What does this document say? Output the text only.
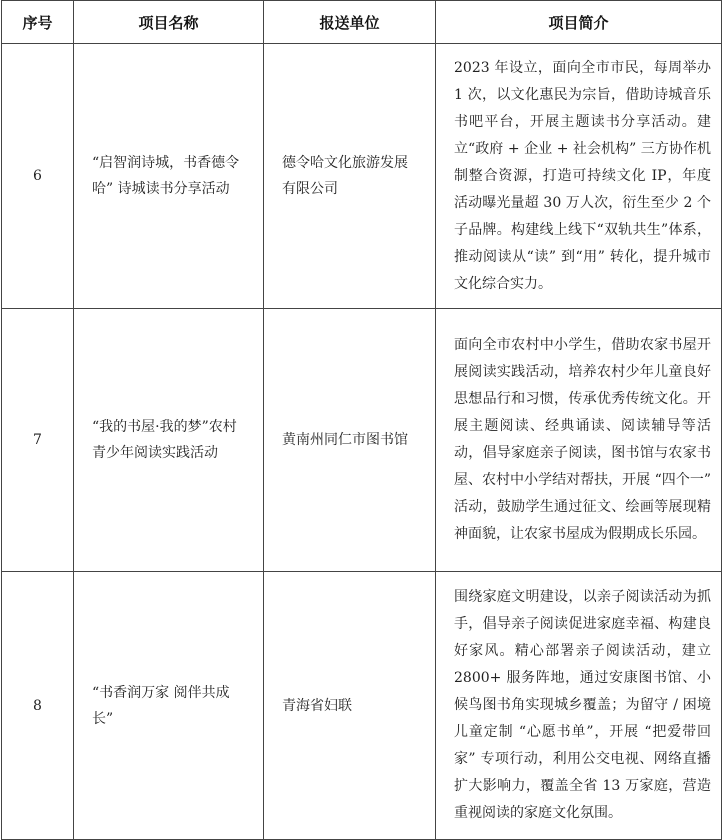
序号	项目名称	报送单位	项目简介
6	“启智润诗城，书香德令哈” 诗城读书分享活动	德令哈文化旅游发展有限公司	2023 年设立，面向全市市民，每周举办 1 次，以文化惠民为宗旨，借助诗城音乐书吧平台，开展主题读书分享活动。建立“政府 + 企业 + 社会机构” 三方协作机制整合资源，打造可持续文化 IP，年度活动曝光量超 30 万人次，衍生至少 2 个子品牌。构建线上线下“双轨共生”体系，推动阅读从“读” 到“用” 转化，提升城市文化综合实力。
7	“我的书屋·我的梦”农村青少年阅读实践活动	黄南州同仁市图书馆	面向全市农村中小学生，借助农家书屋开展阅读实践活动，培养农村少年儿童良好思想品行和习惯，传承优秀传统文化。开展主题阅读、经典诵读、阅读辅导等活动，倡导家庭亲子阅读，图书馆与农家书屋、农村中小学结对帮扶，开展 “四个一” 活动，鼓励学生通过征文、绘画等展现精神面貌，让农家书屋成为假期成长乐园。
8	“书香润万家 阅伴共成长”	青海省妇联	围绕家庭文明建设，以亲子阅读活动为抓手，倡导亲子阅读促进家庭幸福、构建良好家风。精心部署亲子阅读活动，建立 2800+ 服务阵地，通过安康图书馆、小候鸟图书角实现城乡覆盖；为留守 / 困境儿童定制 “心愿书单”，开展 “把爱带回家” 专项行动，利用公交电视、网络直播扩大影响力，覆盖全省 13 万家庭，营造重视阅读的家庭文化氛围。
